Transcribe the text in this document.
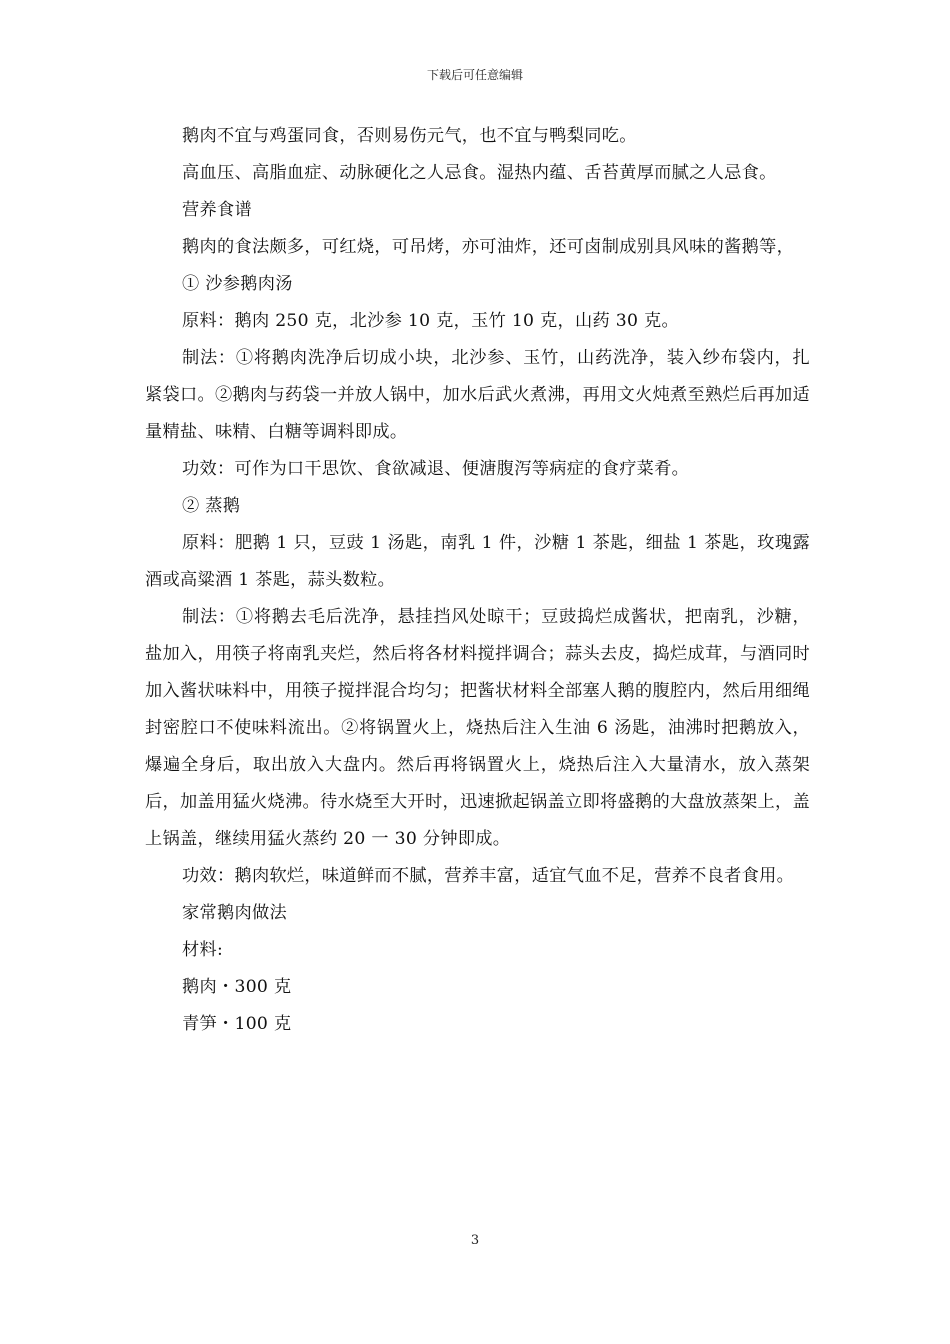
下载后可任意编辑

鹅肉不宜与鸡蛋同食，否则易伤元气，也不宜与鸭梨同吃。

高血压、高脂血症、动脉硬化之人忌食。湿热内蕴、舌苔黄厚而腻之人忌食。

营养食谱

鹅肉的食法颇多，可红烧，可吊烤，亦可油炸，还可卤制成别具风味的酱鹅等，

① 沙参鹅肉汤

原料：鹅肉 250 克，北沙参 10 克，玉竹 10 克，山药 30 克。

制法：①将鹅肉洗净后切成小块，北沙参、玉竹，山药洗净，装入纱布袋内，扎紧袋口。②鹅肉与药袋一并放人锅中，加水后武火煮沸，再用文火炖煮至熟烂后再加适量精盐、味精、白糖等调料即成。

功效：可作为口干思饮、食欲减退、便溏腹泻等病症的食疗菜肴。

② 蒸鹅

原料：肥鹅 1 只，豆豉 1 汤匙，南乳 1 件，沙糖 1 茶匙，细盐 1 茶匙，玫瑰露酒或高粱酒 1 茶匙，蒜头数粒。

制法：①将鹅去毛后洗净，悬挂挡风处晾干；豆豉捣烂成酱状，把南乳，沙糖，盐加入，用筷子将南乳夹烂，然后将各材料搅拌调合；蒜头去皮，捣烂成茸，与酒同时加入酱状味料中，用筷子搅拌混合均匀；把酱状材料全部塞人鹅的腹腔内，然后用细绳封密腔口不使味料流出。②将锅置火上，烧热后注入生油 6 汤匙，油沸时把鹅放入，爆遍全身后，取出放入大盘内。然后再将锅置火上，烧热后注入大量清水，放入蒸架后，加盖用猛火烧沸。待水烧至大开时，迅速掀起锅盖立即将盛鹅的大盘放蒸架上，盖上锅盖，继续用猛火蒸约 20 一 30 分钟即成。

功效：鹅肉软烂，味道鲜而不腻，营养丰富，适宜气血不足，营养不良者食用。

家常鹅肉做法

材料:

鹅肉・300 克

青笋・100 克

3
